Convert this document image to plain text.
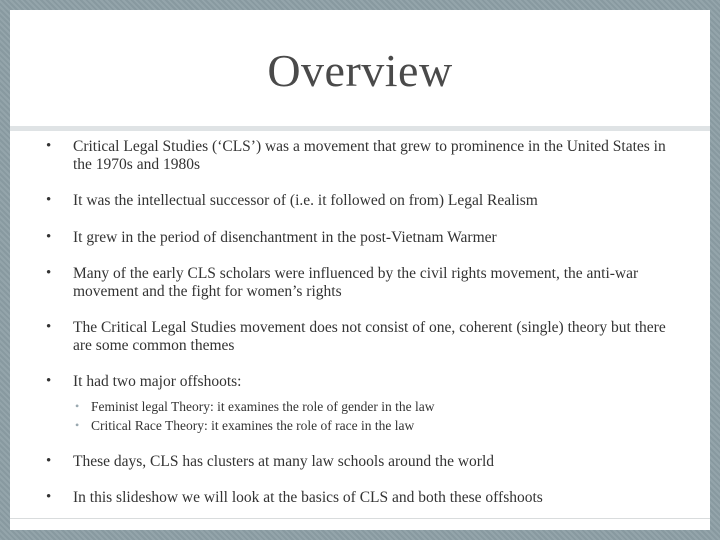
Overview
• Critical Legal Studies (‘CLS’) was a movement that grew to prominence in the United States in the 1970s and 1980s
• It was the intellectual successor of (i.e. it followed on from) Legal Realism
• It grew in the period of disenchantment in the post-Vietnam Warmer
• Many of the early CLS scholars were influenced by the civil rights movement, the anti-war movement and the fight for women’s rights
• The Critical Legal Studies movement does not consist of one, coherent (single) theory but there are some common themes
• It had two major offshoots:
• Feminist legal Theory: it examines the role of gender in the law
• Critical Race Theory: it examines the role of race in the law
• These days, CLS has clusters at many law schools around the world
• In this slideshow we will look at the basics of CLS and both these offshoots
